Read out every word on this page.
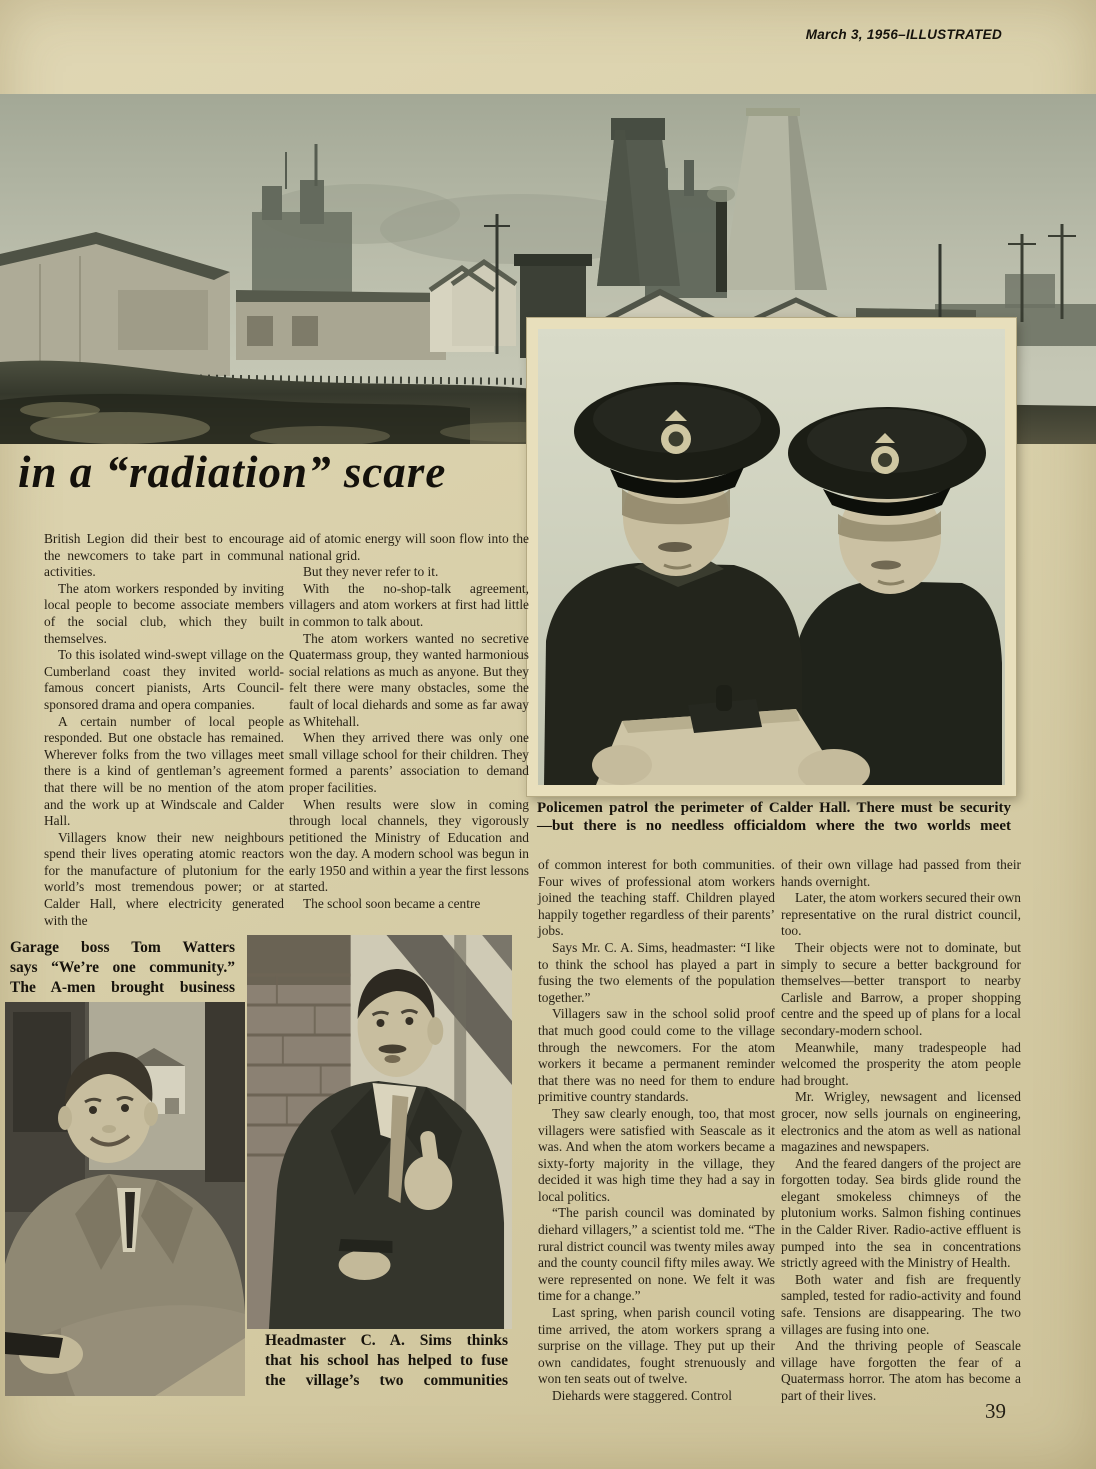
March 3, 1956–ILLUSTRATED
in a “radiation” scare

British Legion did their best to encourage the newcomers to take part in communal activities.

The atom workers responded by inviting local people to become associate members of the social club, which they built themselves.

To this isolated wind-swept village on the Cumberland coast they invited world-famous concert pianists, Arts Council-sponsored drama and opera companies.

A certain number of local people responded. But one obstacle has remained. Wherever folks from the two villages meet there is a kind of gentleman’s agreement that there will be no mention of the atom and the work up at Windscale and Calder Hall.

Villagers know their new neighbours spend their lives operating atomic reactors for the manufacture of plutonium for the world’s most tremendous power; or at Calder Hall, where electricity generated with the

aid of atomic energy will soon flow into the national grid.

But they never refer to it.

With the no-shop-talk agreement, villagers and atom workers at first had little in common to talk about.

The atom workers wanted no secretive Quatermass group, they wanted harmonious social relations as much as anyone. But they felt there were many obstacles, some the fault of local diehards and some as far away as Whitehall.

When they arrived there was only one small village school for their children. They formed a parents’ association to demand proper facilities.

When results were slow in coming through local channels, they vigorously petitioned the Ministry of Education and won the day. A modern school was begun in early 1950 and within a year the first lessons started.

The school soon became a centre

Policemen patrol the perimeter of Calder Hall. There must be security
—but there is no needless officialdom where the two worlds meet
Garage boss Tom Watters
says “We’re one community.”
The A-men brought business
Headmaster C. A. Sims thinks
that his school has helped to fuse
the village’s two communities

of common interest for both communities. Four wives of professional atom workers joined the teaching staff. Children played happily together regardless of their parents’ jobs.

Says Mr. C. A. Sims, headmaster: “I like to think the school has played a part in fusing the two elements of the population together.”

Villagers saw in the school solid proof that much good could come to the village through the newcomers. For the atom workers it became a permanent reminder that there was no need for them to endure primitive country standards.

They saw clearly enough, too, that most villagers were satisfied with Seascale as it was. And when the atom workers became a sixty-forty majority in the village, they decided it was high time they had a say in local politics.

“The parish council was dominated by diehard villagers,” a scientist told me. “The rural district council was twenty miles away and the county council fifty miles away. We were represented on none. We felt it was time for a change.”

Last spring, when parish council voting time arrived, the atom workers sprang a surprise on the village. They put up their own candidates, fought strenuously and won ten seats out of twelve.

Diehards were staggered. Control

of their own village had passed from their hands overnight.

Later, the atom workers secured their own representative on the rural district council, too.

Their objects were not to dominate, but simply to secure a better background for themselves—better transport to nearby Carlisle and Barrow, a proper shopping centre and the speed up of plans for a local secondary-modern school.

Meanwhile, many tradespeople had welcomed the prosperity the atom people had brought.

Mr. Wrigley, newsagent and licensed grocer, now sells journals on engineering, electronics and the atom as well as national magazines and newspapers.

And the feared dangers of the project are forgotten today. Sea birds glide round the elegant smokeless chimneys of the plutonium works. Salmon fishing continues in the Calder River. Radio-active effluent is pumped into the sea in concentrations strictly agreed with the Ministry of Health.

Both water and fish are frequently sampled, tested for radio-activity and found safe. Tensions are disappearing. The two villages are fusing into one.

And the thriving people of Seascale village have forgotten the fear of a Quatermass horror. The atom has become a part of their lives.

39
